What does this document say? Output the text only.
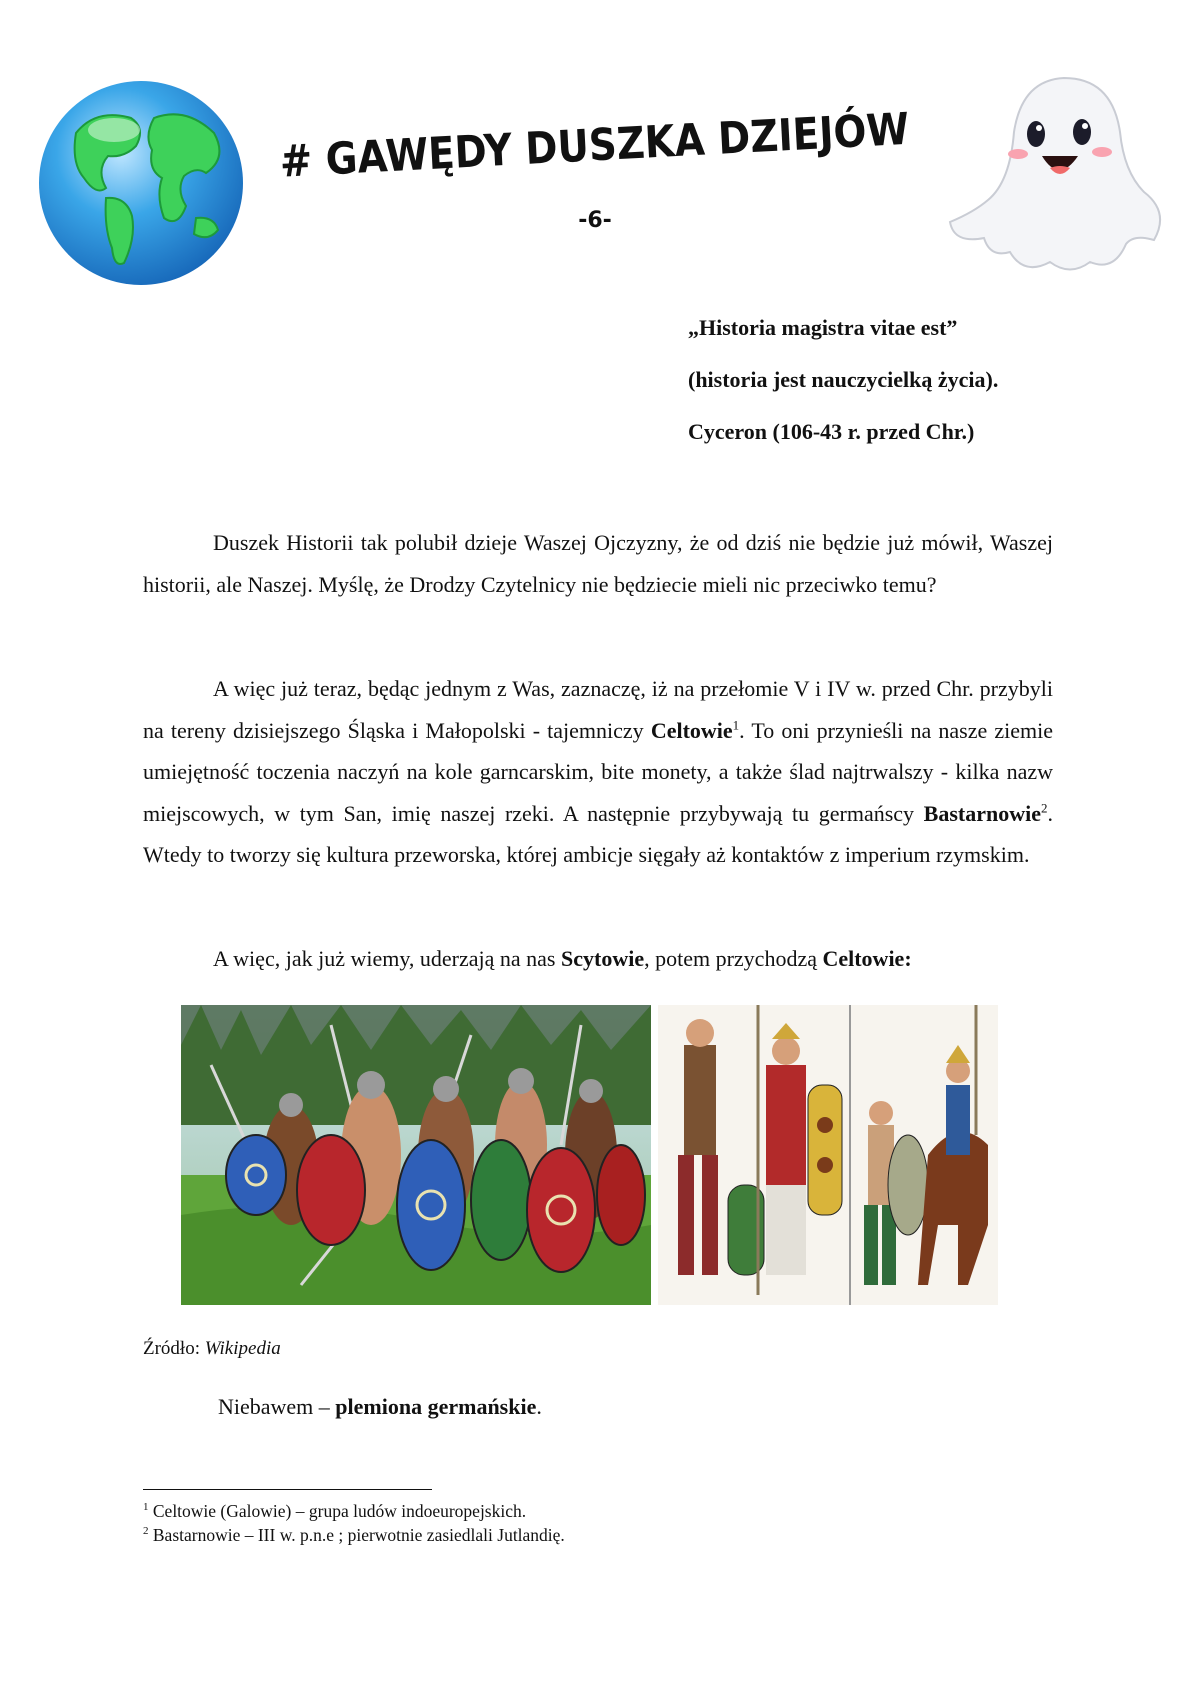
# GAWĘDY DUSZKA DZIEJÓW
-6-
„Historia magistra vitae est”
(historia jest nauczycielką życia).
Cyceron (106-43 r. przed Chr.)

Duszek Historii tak polubił dzieje Waszej Ojczyzny, że od dziś nie będzie już mówił, Waszej historii, ale Naszej. Myślę, że Drodzy Czytelnicy nie będziecie mieli nic przeciwko temu?

A więc już teraz, będąc jednym z Was, zaznaczę, iż na przełomie V i IV w. przed Chr. przybyli na tereny dzisiejszego Śląska i Małopolski - tajemniczy Celtowie$^1$. To oni przynieśli na nasze ziemie umiejętność toczenia naczyń na kole garncarskim, bite monety, a także ślad najtrwalszy - kilka nazw miejscowych, w tym San, imię naszej rzeki. A następnie przybywają tu germańscy Bastarnowie$^2$. Wtedy to tworzy się kultura przeworska, której ambicje sięgały aż kontaktów z imperium rzymskim.

A więc, jak już wiemy, uderzają na nas Scytowie, potem przychodzą Celtowie:

Źródło: Wikipedia
Niebawem – plemiona germańskie.
$^1$ Celtowie (Galowie) – grupa ludów indoeuropejskich.
$^2$ Bastarnowie – III w. p.n.e ; pierwotnie zasiedlali Jutlandię.
